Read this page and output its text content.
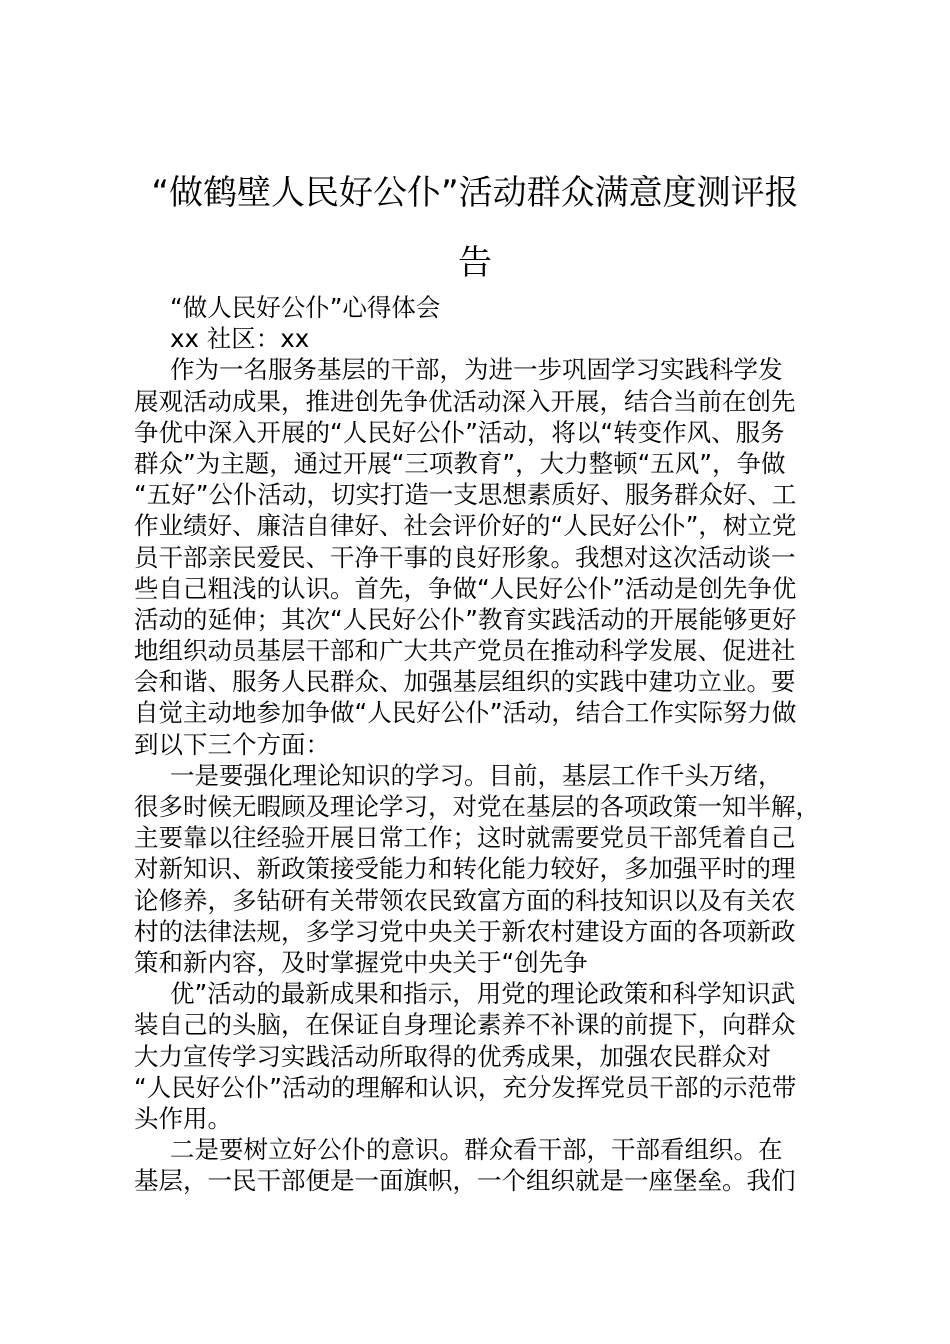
“做鹤壁人民好公仆”活动群众满意度测评报
告
“做人民好公仆”心得体会
xx 社区：xx
作为一名服务基层的干部，为进一步巩固学习实践科学发
展观活动成果，推进创先争优活动深入开展，结合当前在创先
争优中深入开展的“人民好公仆”活动，将以“转变作风、服务
群众”为主题，通过开展“三项教育”，大力整顿“五风”，争做
“五好”公仆活动，切实打造一支思想素质好、服务群众好、工
作业绩好、廉洁自律好、社会评价好的“人民好公仆”，树立党
员干部亲民爱民、干净干事的良好形象。我想对这次活动谈一
些自己粗浅的认识。首先，争做“人民好公仆”活动是创先争优
活动的延伸；其次“人民好公仆”教育实践活动的开展能够更好
地组织动员基层干部和广大共产党员在推动科学发展、促进社
会和谐、服务人民群众、加强基层组织的实践中建功立业。要
自觉主动地参加争做“人民好公仆”活动，结合工作实际努力做
到以下三个方面：
一是要强化理论知识的学习。目前，基层工作千头万绪，
很多时候无暇顾及理论学习，对党在基层的各项政策一知半解，
主要靠以往经验开展日常工作；这时就需要党员干部凭着自己
对新知识、新政策接受能力和转化能力较好，多加强平时的理
论修养，多钻研有关带领农民致富方面的科技知识以及有关农
村的法律法规，多学习党中央关于新农村建设方面的各项新政
策和新内容，及时掌握党中央关于“创先争
优”活动的最新成果和指示，用党的理论政策和科学知识武
装自己的头脑，在保证自身理论素养不补课的前提下，向群众
大力宣传学习实践活动所取得的优秀成果，加强农民群众对
“人民好公仆”活动的理解和认识，充分发挥党员干部的示范带
头作用。
二是要树立好公仆的意识。群众看干部，干部看组织。在
基层，一民干部便是一面旗帜，一个组织就是一座堡垒。我们
